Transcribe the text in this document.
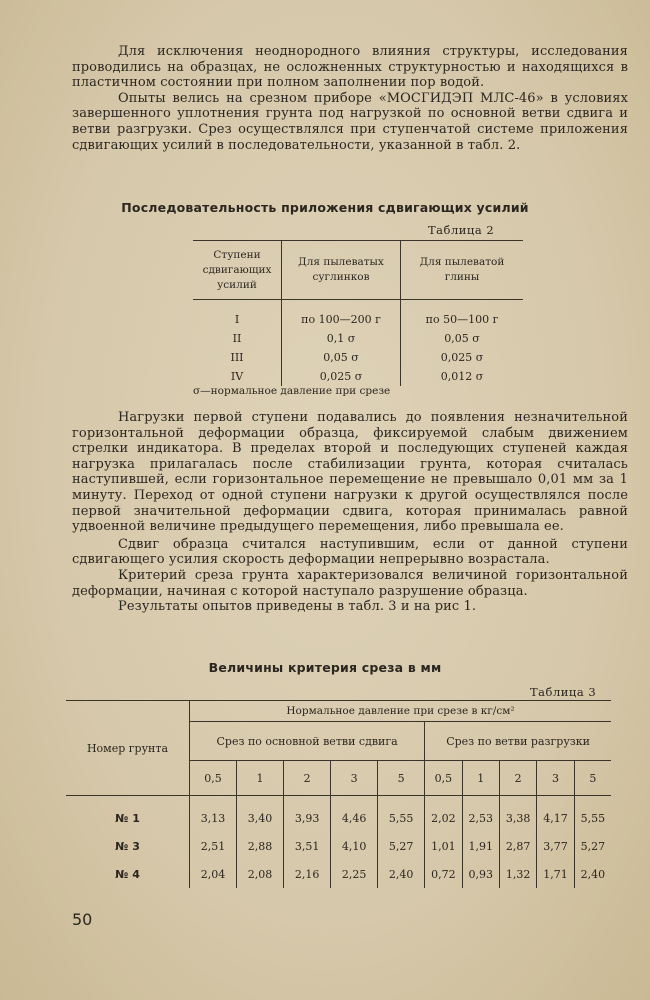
Для исключения неоднородного влияния структуры, исследования проводились на образцах, не осложненных структурностью и находящихся в пластичном состоянии при полном заполнении пор водой.

Опыты велись на срезном приборе «МОСГИДЭП МЛС-46» в условиях завершенного уплотнения грунта под нагрузкой по основной ветви сдвига и ветви разгрузки. Срез осуществлялся при ступенчатой системе приложения сдвигающих усилий в последовательности, указанной в табл. 2.

Последовательность приложения сдвигающих усилий
Таблица 2
Ступени сдвигающих усилий	Для пылеватых суглинков	Для пылеватой глины
I	по 100—200 г	по 50—100 г
II	0,1 σ	0,05 σ
III	0,05 σ	0,025 σ
IV	0,025 σ	0,012 σ
σ—нормальное давление при срезе

Нагрузки первой ступени подавались до появления незначительной горизонтальной деформации образца, фиксируемой слабым движением стрелки индикатора. В пределах второй и последующих ступеней каждая нагрузка прилагалась после стабилизации грунта, которая считалась наступившей, если горизонтальное перемещение не превышало 0,01 мм за 1 минуту. Переход от одной ступени нагрузки к другой осуществлялся после первой значительной деформации сдвига, которая принималась равной удвоенной величине предыдущего перемещения, либо превышала ее.

Сдвиг образца считался наступившим, если от данной ступени сдвигающего усилия скорость деформации непрерывно возрастала.

Критерий среза грунта характеризовался величиной горизонтальной деформации, начиная с которой наступало разрушение образца.

Результаты опытов приведены в табл. 3 и на рис 1.

Величины критерия среза в мм
Таблица 3
Номер грунта	Нормальное давление при срезе в кг/см²									
	Срез по основной ветви сдвига					Срез по ветви разгрузки				
	0,5	1	2	3	5	0,5	1	2	3	5
№ 1	3,13	3,40	3,93	4,46	5,55	2,02	2,53	3,38	4,17	5,55
№ 3	2,51	2,88	3,51	4,10	5,27	1,01	1,91	2,87	3,77	5,27
№ 4	2,04	2,08	2,16	2,25	2,40	0,72	0,93	1,32	1,71	2,40
50
